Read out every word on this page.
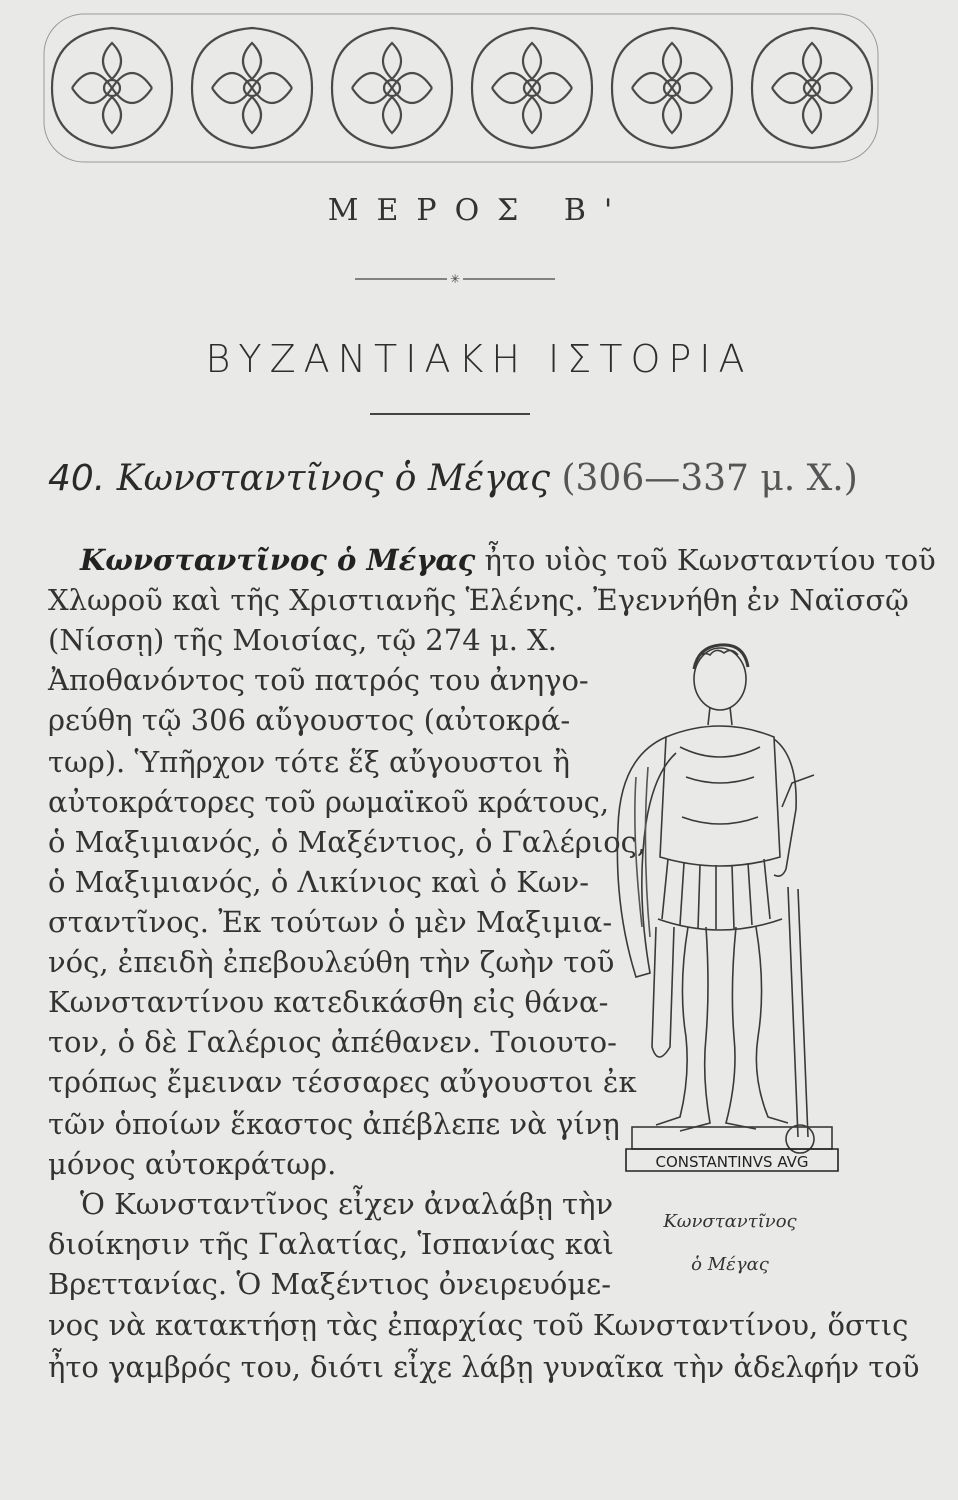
ΜΕΡΟΣ Β'
✳
ΒΥΖΑΝΤΙΑΚΗ ΙΣΤΟΡΙΑ
40. Κωνσταντῖνος ὁ Μέγας (306—337 μ. Χ.)
Κωνσταντῖνος ὁ Μέγας ἦτο υἱὸς τοῦ Κωνσταντίου τοῦ
Χλωροῦ καὶ τῆς Χριστιανῆς Ἑλένης. Ἐγεννήθη ἐν Ναϊσσῷ
(Νίσσῃ) τῆς Μοισίας, τῷ 274 μ. Χ.
Ἀποθανόντος τοῦ πατρός του ἀνηγο-
ρεύθη τῷ 306 αὔγουστος (αὐτοκρά-
τωρ). Ὑπῆρχον τότε ἕξ αὔγουστοι ἢ
αὐτοκράτορες τοῦ ρωμαϊκοῦ κράτους,
ὁ Μαξιμιανός, ὁ Μαξέντιος, ὁ Γαλέριος,
ὁ Μαξιμιανός, ὁ Λικίνιος καὶ ὁ Κων-
σταντῖνος. Ἐκ τούτων ὁ μὲν Μαξιμια-
νός, ἐπειδὴ ἐπεβουλεύθη τὴν ζωὴν τοῦ
Κωνσταντίνου κατεδικάσθη εἰς θάνα-
τον, ὁ δὲ Γαλέριος ἀπέθανεν. Τοιουτο-
τρόπως ἔμειναν τέσσαρες αὔγουστοι ἐκ
τῶν ὁποίων ἕκαστος ἀπέβλεπε νὰ γίνῃ
μόνος αὐτοκράτωρ.
Ὁ Κωνσταντῖνος εἶχεν ἀναλάβῃ τὴν
διοίκησιν τῆς Γαλατίας, Ἱσπανίας καὶ
Βρεττανίας. Ὁ Μαξέντιος ὀνειρευόμε-
νος νὰ κατακτήσῃ τὰς ἐπαρχίας τοῦ Κωνσταντίνου, ὅστις
ἦτο γαμβρός του, διότι εἶχε λάβῃ γυναῖκα τὴν ἀδελφήν τοῦ
CONSTANTINVS AVG
Κωνσταντῖνος
ὁ Μέγας
